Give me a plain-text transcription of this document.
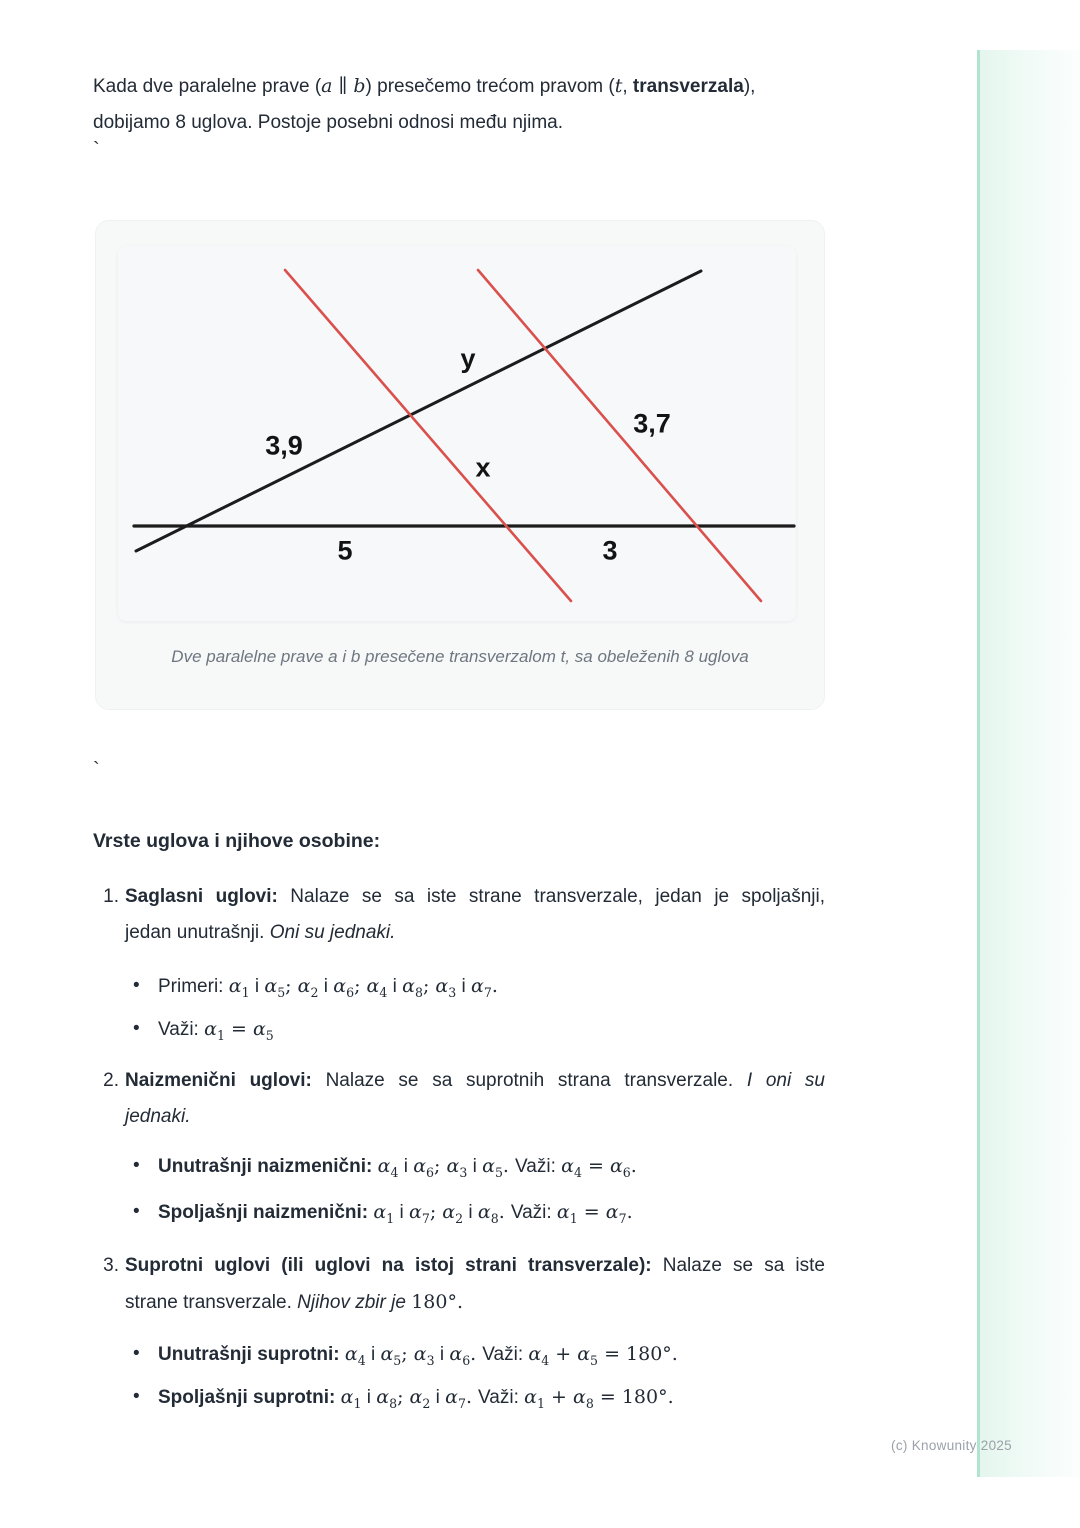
Kada dve paralelne prave (a ∥ b) presečemo trećom pravom (t, transverzala),
dobijamo 8 uglova. Postoje posebni odnosi među njima.

`
y
3,9
3,7
x
5	3
Dve paralelne prave a i b presečene transverzalom t, sa obeleženih 8 uglova
`
Vrste uglova i njihove osobine:
1. Saglasni uglovi: Nalaze se sa iste strane transverzale, jedan je spoljašnji,
jedan unutrašnji. Oni su jednaki.
• Primeri: $\alpha_1$ i $\alpha_5$; $\alpha_2$ i $\alpha_6$; $\alpha_4$ i $\alpha_8$; $\alpha_3$ i $\alpha_7$.
• Važi: $\alpha_1 = \alpha_5$
2. Naizmenični uglovi: Nalaze se sa suprotnih strana transverzale. I oni su
jednaki.
• Unutrašnji naizmenični: $\alpha_4$ i $\alpha_6$; $\alpha_3$ i $\alpha_5$. Važi: $\alpha_4 = \alpha_6$.
• Spoljašnji naizmenični: $\alpha_1$ i $\alpha_7$; $\alpha_2$ i $\alpha_8$. Važi: $\alpha_1 = \alpha_7$.
3. Suprotni uglovi (ili uglovi na istoj strani transverzale): Nalaze se sa iste
strane transverzale. Njihov zbir je 180°.
• Unutrašnji suprotni: $\alpha_4$ i $\alpha_5$; $\alpha_3$ i $\alpha_6$. Važi: $\alpha_4 + \alpha_5 = 180^\circ$.
• Spoljašnji suprotni: $\alpha_1$ i $\alpha_8$; $\alpha_2$ i $\alpha_7$. Važi: $\alpha_1 + \alpha_8 = 180^\circ$.
(c) Knowunity 2025
